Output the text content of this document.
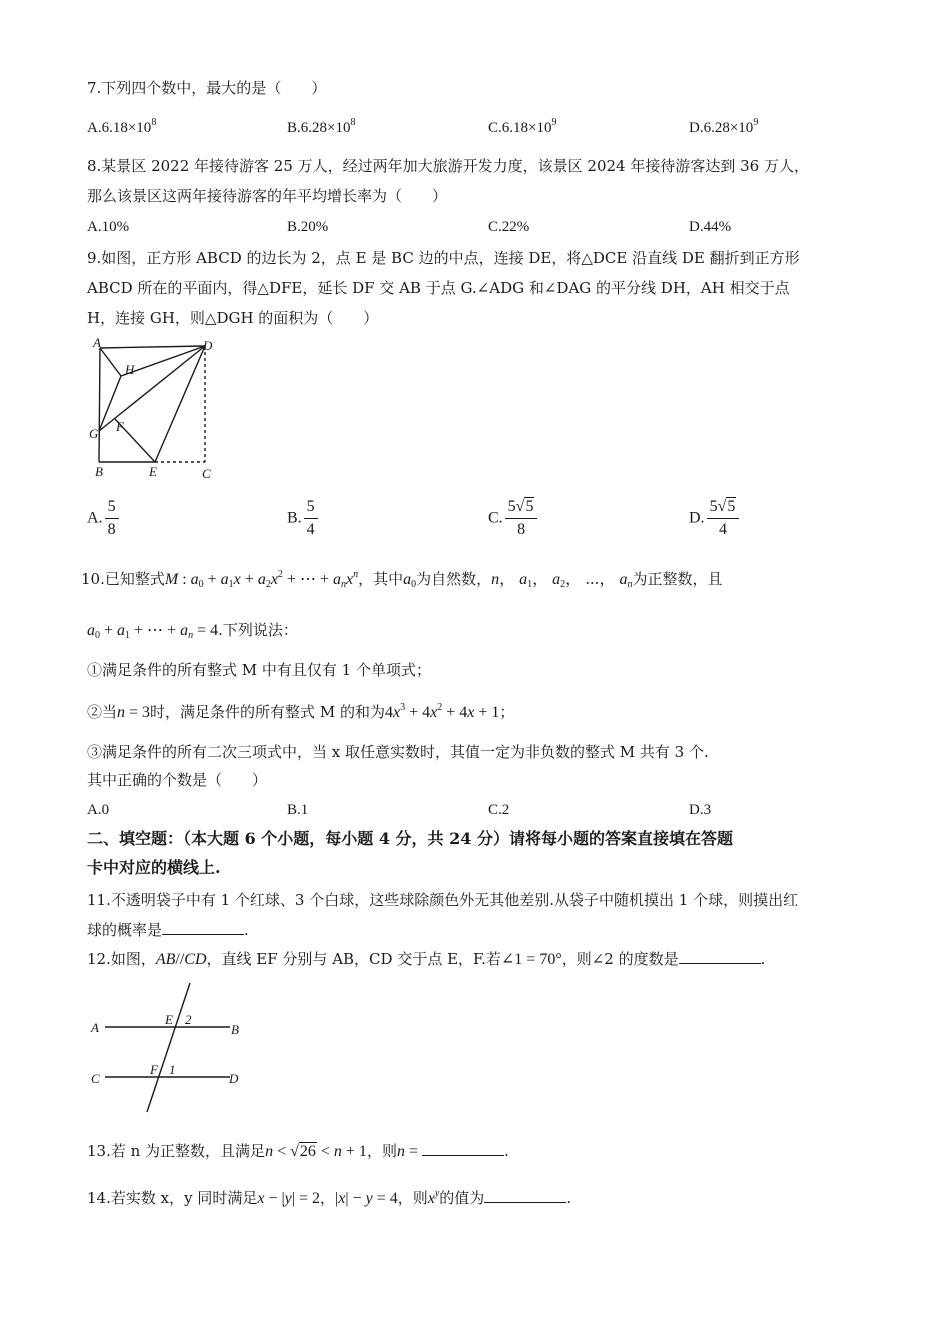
7.下列四个数中，最大的是（　　）
$A.6.18\times 10^8$	$B.6.28\times 10^8$	$C.6.18\times 10^9$	$D.6.28\times 10^9$
8.某景区 2022 年接待游客 25 万人，经过两年加大旅游开发力度，该景区 2024 年接待游客达到 36 万人，
那么该景区这两年接待游客的年平均增长率为（　　）
A.10%	B.20%	C.22%	D.44%
9.如图，正方形 ABCD 的边长为 2，点 E 是 BC 边的中点，连接 DE，将△DCE 沿直线 DE 翻折到正方形
ABCD 所在的平面内，得△DFE，延长 DF 交 AB 于点 G.∠ADG 和∠DAG 的平分线 DH，AH 相交于点
H，连接 GH，则△DGH 的面积为（　　）
A	D
H
G F
B	E	C
A. $\frac{5}{8}$	B. $\frac{5}{4}$	C. $\frac{5√5}{8}$	D. $\frac{5√5}{4}$
10.已知整式M : $a_0 + a_1x + a_2x^2$ + ⋯ + $a_nx^n$，其中$a_0$为自然数，n， $a_1$， $a_2$， ⋯， $a_n$为正整数，且
$a_0 + a_1$ + ⋯ + $a_n = 4$.下列说法：
①满足条件的所有整式 M 中有且仅有 1 个单项式；
②当n = 3时，满足条件的所有整式 M 的和为$4x^3 + 4x^2 + 4x + 1$；
③满足条件的所有二次三项式中，当 x 取任意实数时，其值一定为非负数的整式 M 共有 3 个.
其中正确的个数是（　　）
A.0	B.1	C.2	D.3
二、填空题：（本大题 6 个小题，每小题 4 分，共 24 分）请将每小题的答案直接填在答题
卡中对应的横线上.
11.不透明袋子中有 1 个红球、3 个白球，这些球除颜色外无其他差别.从袋子中随机摸出 1 个球，则摸出红
球的概率是	.
12.如图，AB//CD，直线 EF 分别与 AB，CD 交于点 E，F.若∠1 = 70°，则∠2 的度数是	.
A
E 2
B
C
F 1
D
13.若 n 为正整数，且满足n < √26 < n + 1，则n =	.
14.若实数 x，y 同时满足x − |y| = 2，|x| − y = 4，则$x^y$的值为	.
